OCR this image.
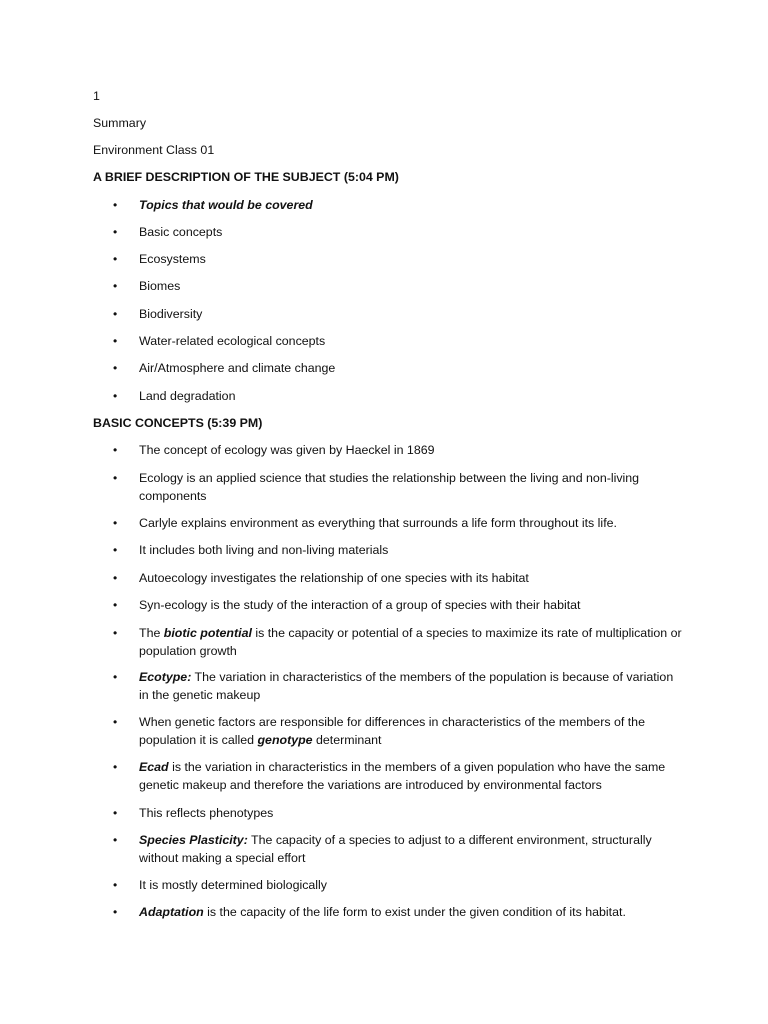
1
Summary
Environment Class 01
A BRIEF DESCRIPTION OF THE SUBJECT (5:04 PM)
•	Topics that would be covered
•	Basic concepts
•	Ecosystems
•	Biomes
•	Biodiversity
•	Water-related ecological concepts
•	Air/Atmosphere and climate change
•	Land degradation
BASIC CONCEPTS (5:39 PM)
•	The concept of ecology was given by Haeckel in 1869
•	Ecology is an applied science that studies the relationship between the living and non-living components
•	Carlyle explains environment as everything that surrounds a life form throughout its life.
•	It includes both living and non-living materials
•	Autoecology investigates the relationship of one species with its habitat
•	Syn-ecology is the study of the interaction of a group of species with their habitat
•	The biotic potential is the capacity or potential of a species to maximize its rate of multiplication or population growth
•	Ecotype: The variation in characteristics of the members of the population is because of variation in the genetic makeup
•	When genetic factors are responsible for differences in characteristics of the members of the population it is called genotype determinant
•	Ecad is the variation in characteristics in the members of a given population who have the same genetic makeup and therefore the variations are introduced by environmental factors
•	This reflects phenotypes
•	Species Plasticity: The capacity of a species to adjust to a different environment, structurally without making a special effort
•	It is mostly determined biologically
•	Adaptation is the capacity of the life form to exist under the given condition of its habitat.
